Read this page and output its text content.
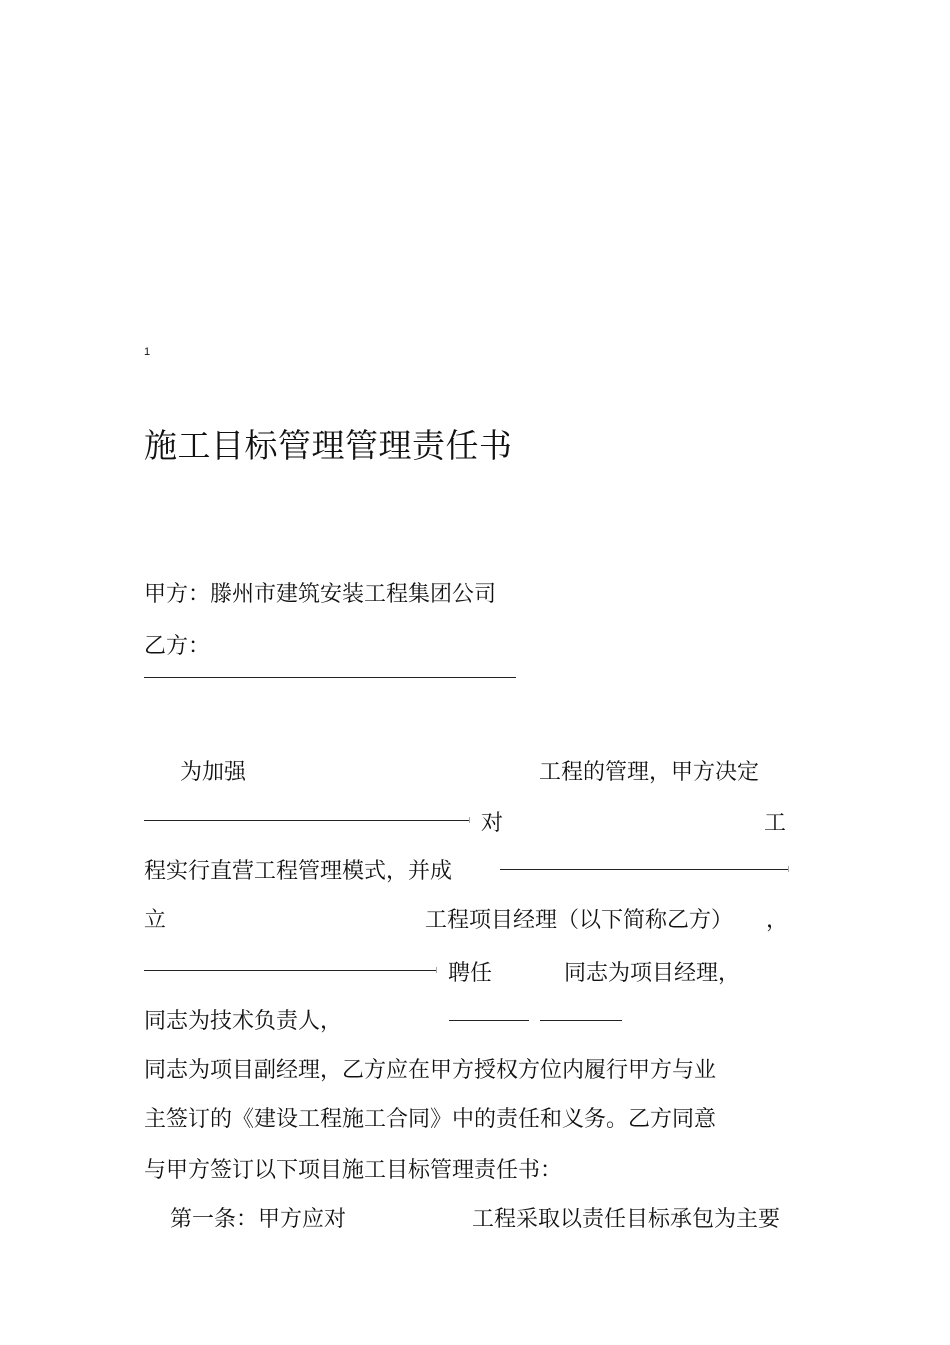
1
施工目标管理管理责任书
甲方：滕州市建筑安装工程集团公司
乙方：
为加强	工程的管理，甲方决定
对	工
程实行直营工程管理模式，并成
立	工程项目经理（以下简称乙方） ，
聘任	同志为项目经理，
同志为技术负责人，
同志为项目副经理，乙方应在甲方授权方位内履行甲方与业
主签订的《建设工程施工合同》中的责任和义务。乙方同意
与甲方签订以下项目施工目标管理责任书：
第一条：甲方应对	工程采取以责任目标承包为主要
